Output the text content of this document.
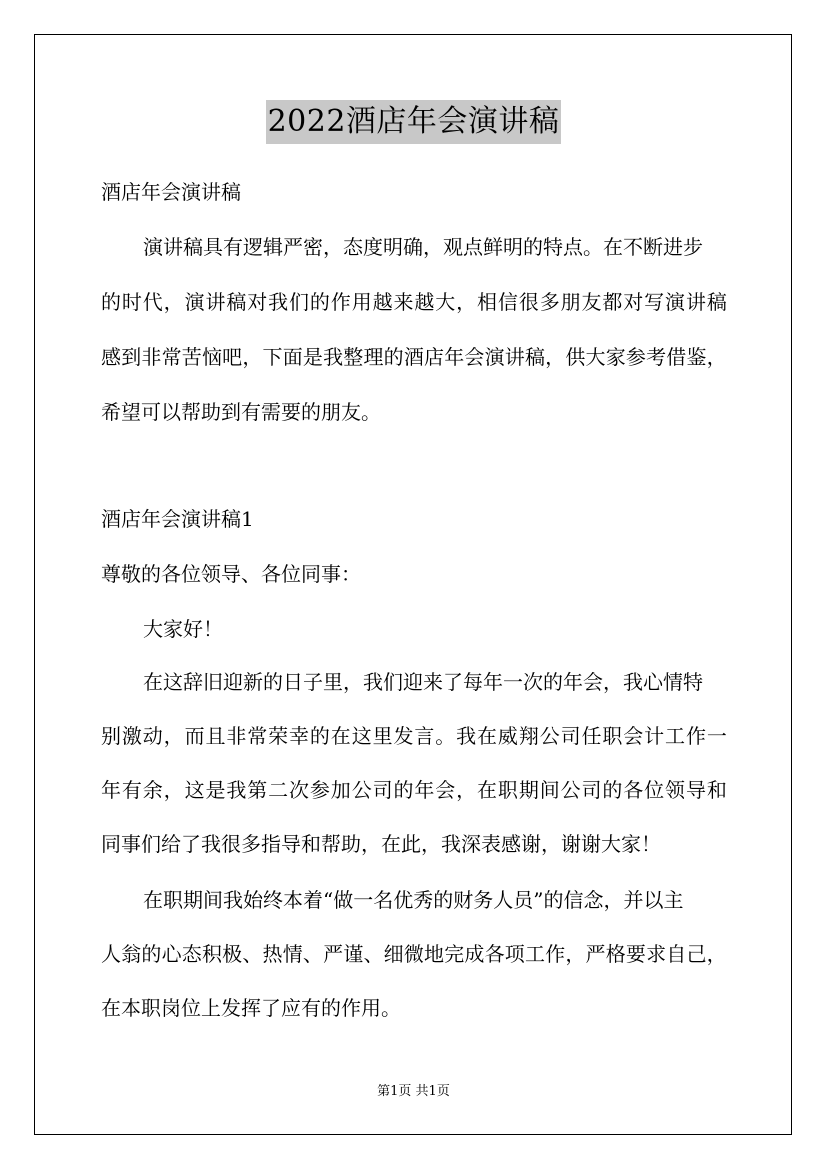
2022酒店年会演讲稿
酒店年会演讲稿
演讲稿具有逻辑严密，态度明确，观点鲜明的特点。在不断进步
的 时 代 ， 演 讲 稿 对 我 们 的 作 用 越 来 越 大 ， 相 信 很 多 朋 友 都 对 写 演 讲 稿
感 到 非 常 苦 恼 吧 ， 下 面 是 我 整 理 的 酒 店 年 会 演 讲 稿 ， 供 大 家 参 考 借 鉴 ，
希望可以帮助到有需要的朋友。
酒店年会演讲稿1
尊敬的各位领导、各位同事：
大家好！
在这辞旧迎新的日子里，我们迎来了每年一次的年会，我心情特
别 激 动 ， 而 且 非 常 荣 幸 的 在 这 里 发 言 。 我 在 威 翔 公 司 任 职 会 计 工 作 一
年 有 余 ， 这 是 我 第 二 次 参 加 公 司 的 年 会 ， 在 职 期 间 公 司 的 各 位 领 导 和
同事们给了我很多指导和帮助，在此，我深表感谢，谢谢大家！
在职期间我始终本着“做一名优秀的财务人员”的信念，并以主
人 翁 的 心 态 积 极 、 热 情 、 严 谨 、 细 微 地 完 成 各 项 工 作 ， 严 格 要 求 自 己 ，
在本职岗位上发挥了应有的作用。
第1页 共1页
